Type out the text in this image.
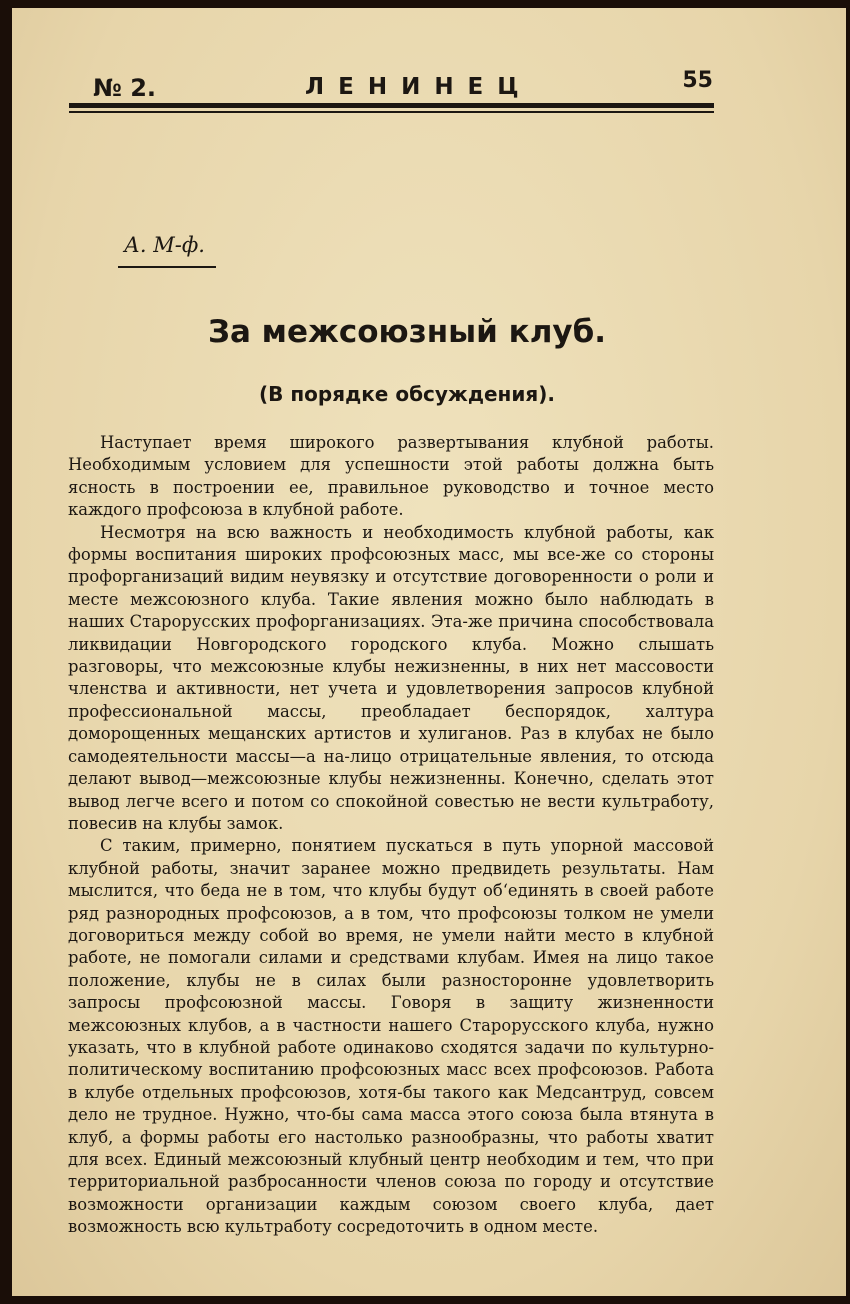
№ 2.	ЛЕНИНЕЦ	55
А. М-ф.
За межсоюзный клуб.
(В порядке обсуждения).

Наступает время широкого развертывания клубной работы. Необходимым условием для успешности этой работы должна быть ясность в построении ее, правильное руководство и точное место каждого профсоюза в клубной работе.

Несмотря на всю важность и необходимость клубной работы, как формы воспитания широких профсоюзных масс, мы все-же со стороны профорганизаций видим неувязку и отсутствие договоренности о роли и месте межсоюзного клуба. Такие явления можно было наблюдать в наших Старорусских профорганизациях. Эта-же причина способствовала ликвидации Новгородского городского клуба. Можно слышать разговоры, что межсоюзные клубы нежизненны, в них нет массовости членства и активности, нет учета и удовлетворения запросов клубной профессиональной массы, преобладает беспорядок, халтура доморощенных мещанских артистов и хулиганов. Раз в клубах не было самодеятельности массы—а на-лицо отрицательные явления, то отсюда делают вывод—межсоюзные клубы нежизненны. Конечно, сделать этот вывод легче всего и потом со спокойной совестью не вести культработу, повесив на клубы замок.

С таким, примерно, понятием пускаться в путь упорной массовой клубной работы, значит заранее можно предвидеть результаты. Нам мыслится, что беда не в том, что клубы будут об‘единять в своей работе ряд разнородных профсоюзов, а в том, что профсоюзы толком не умели договориться между собой во время, не умели найти место в клубной работе, не помогали силами и средствами клубам. Имея на лицо такое положение, клубы не в силах были разносторонне удовлетворить запросы профсоюзной массы. Говоря в защиту жизненности межсоюзных клубов, а в частности нашего Старорусского клуба, нужно указать, что в клубной работе одинаково сходятся задачи по культурно-политическому воспитанию профсоюзных масс всех профсоюзов. Работа в клубе отдельных профсоюзов, хотя-бы такого как Медсантруд, совсем дело не трудное. Нужно, что-бы сама масса этого союза была втянута в клуб, а формы работы его настолько разнообразны, что работы хватит для всех. Единый межсоюзный клубный центр необходим и тем, что при территориальной разбросанности членов союза по городу и отсутствие возможности организации каждым союзом своего клуба, дает возможность всю культработу сосредоточить в одном месте.
